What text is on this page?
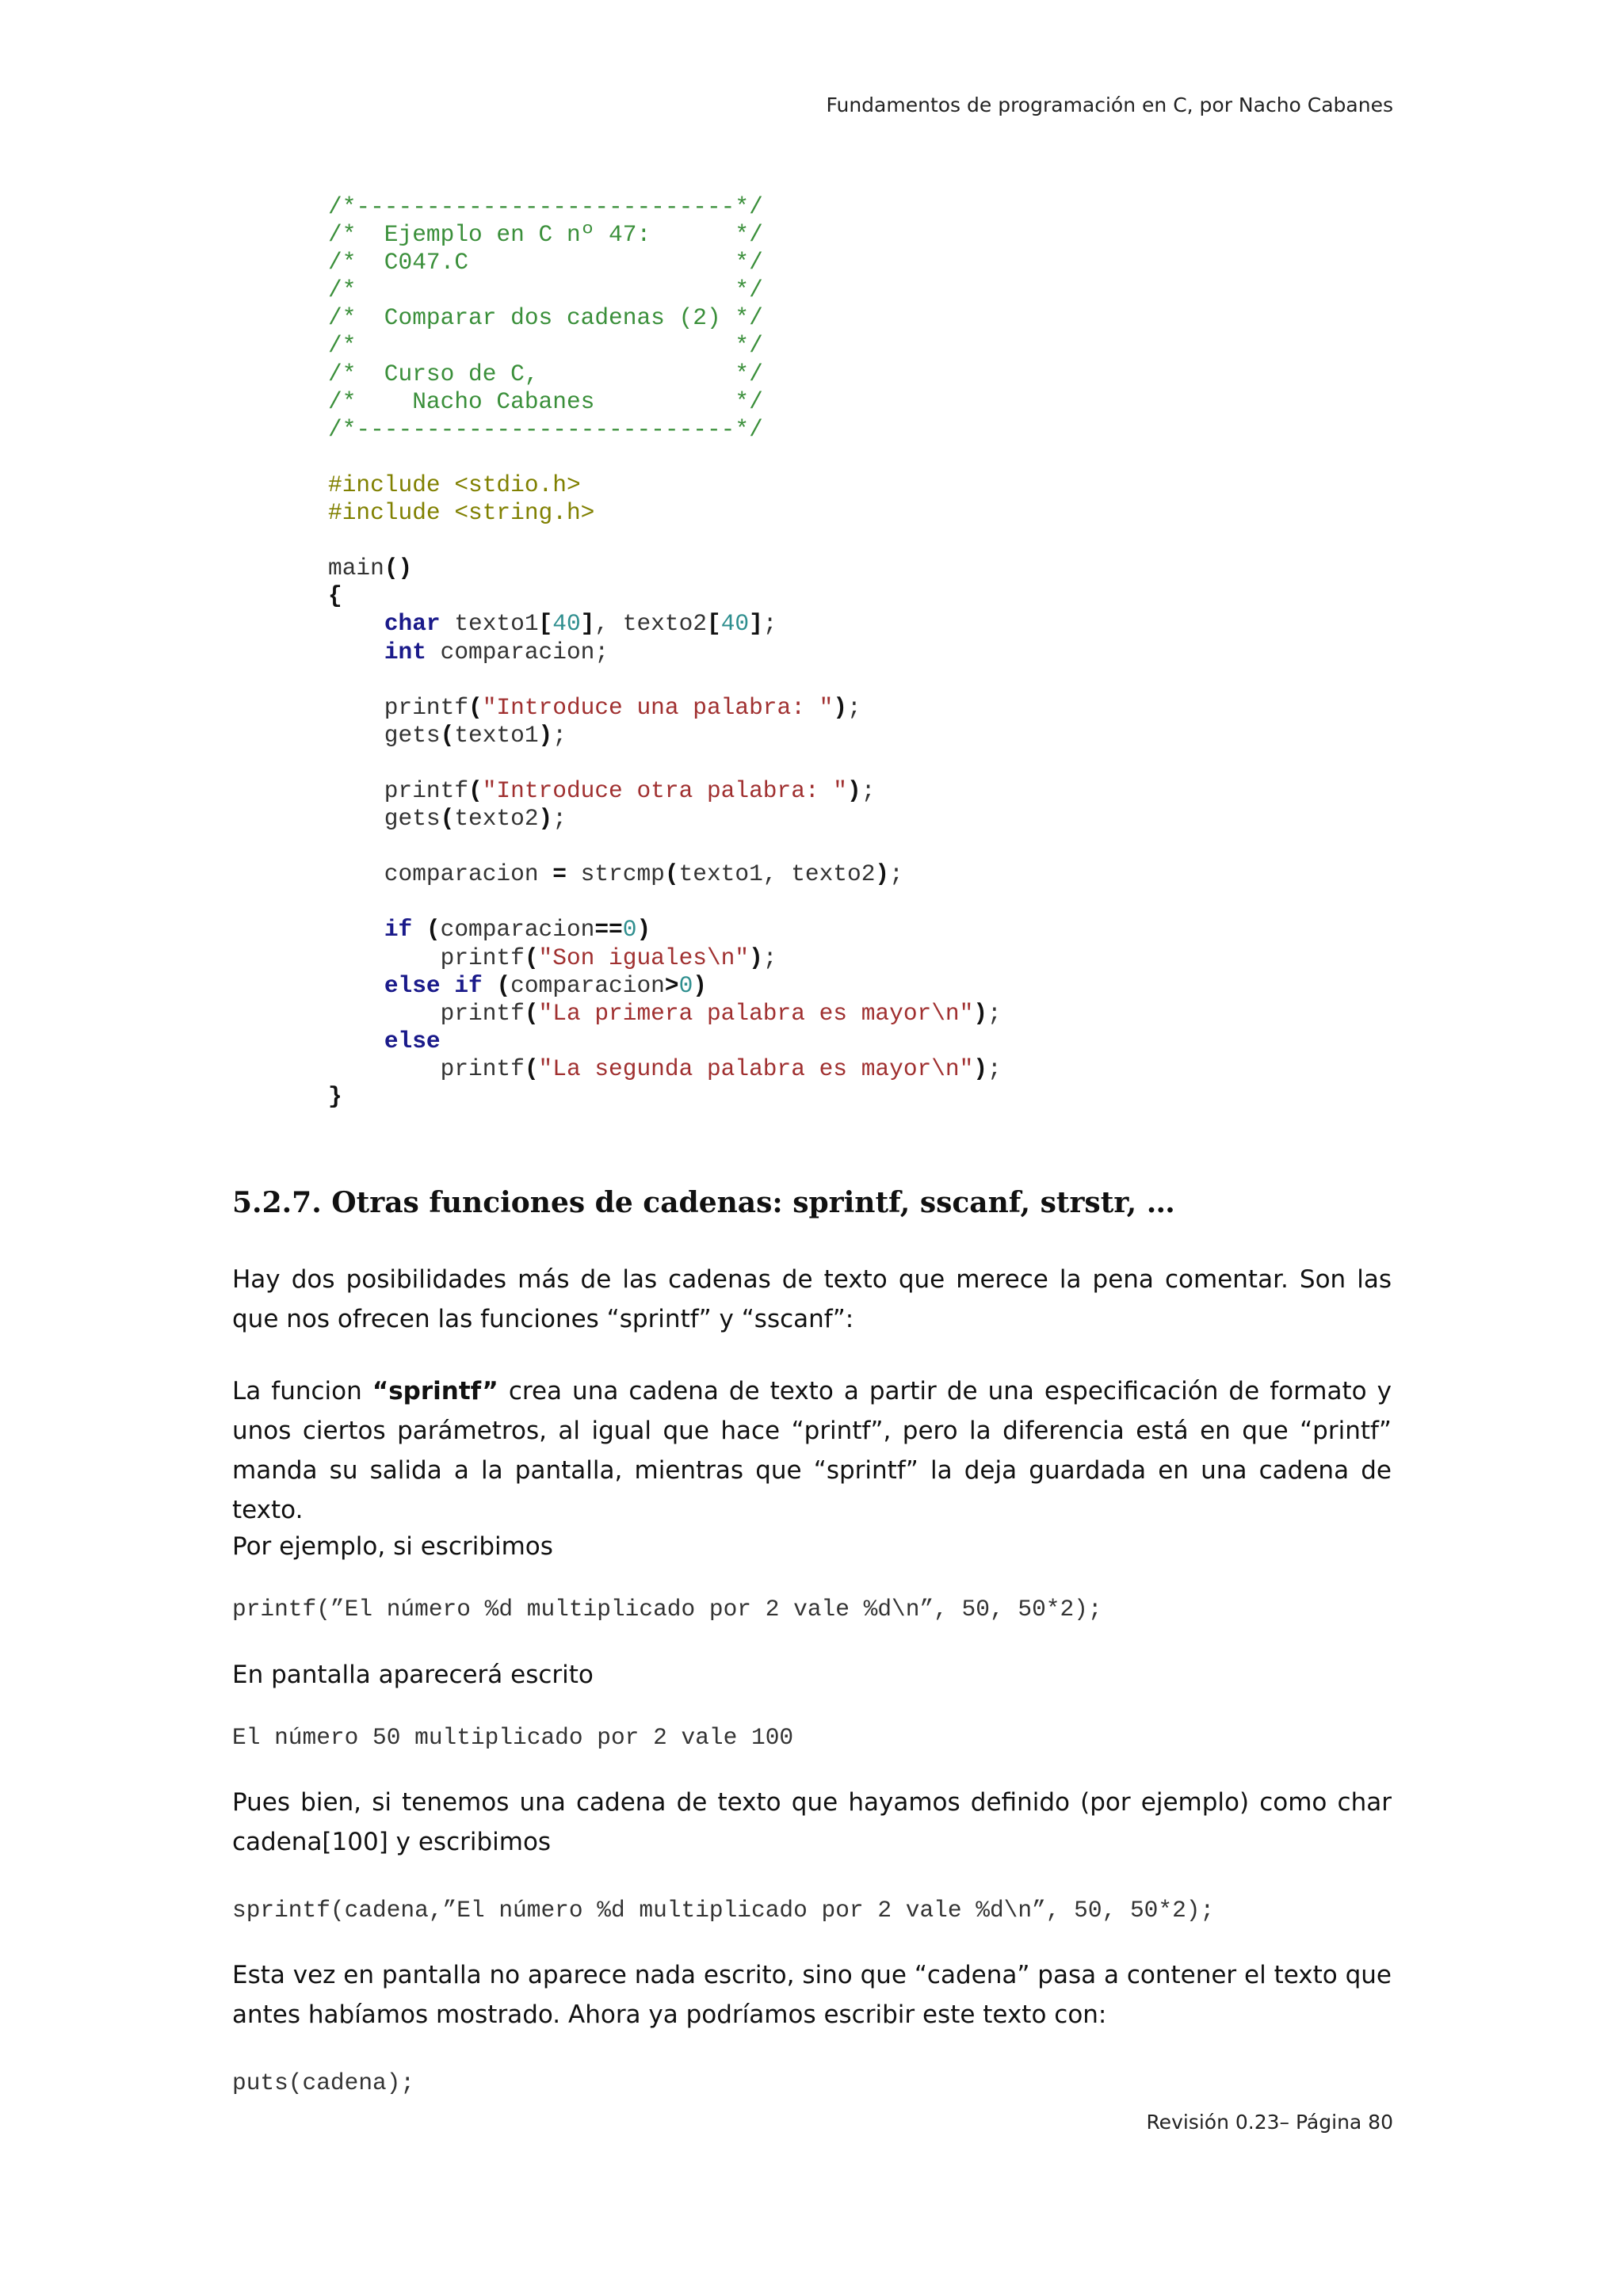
Fundamentos de programación en C, por Nacho Cabanes
/*---------------------------*/
/*  Ejemplo en C nº 47:      */
/*  C047.C                   */
/*                           */
/*  Comparar dos cadenas (2) */
/*                           */
/*  Curso de C,              */
/*    Nacho Cabanes          */
/*---------------------------*/

#include <stdio.h>
#include <string.h>

main()
{
char texto1[40], texto2[40];
int comparacion;

printf("Introduce una palabra: ");
gets(texto1);

printf("Introduce otra palabra: ");
gets(texto2);

comparacion = strcmp(texto1, texto2);

if (comparacion==0)
printf("Son iguales\n");
else if (comparacion>0)
printf("La primera palabra es mayor\n");
else
printf("La segunda palabra es mayor\n");
}
5.2.7. Otras funciones de cadenas: sprintf, sscanf, strstr, …

Hay dos posibilidades más de las cadenas de texto que merece la pena comentar. Son las que nos ofrecen las funciones “sprintf” y “sscanf”:

La funcion “sprintf” crea una cadena de texto a partir de una especificación de formato y unos ciertos parámetros, al igual que hace “printf”, pero la diferencia está en que “printf” manda su salida a la pantalla, mientras que “sprintf” la deja guardada en una cadena de texto.

Por ejemplo, si escribimos

printf(”El número %d multiplicado por 2 vale %d\n”, 50, 50*2);

En pantalla aparecerá escrito

El número 50 multiplicado por 2 vale 100

Pues bien, si tenemos una cadena de texto que hayamos definido (por ejemplo) como char cadena[100] y escribimos

sprintf(cadena,”El número %d multiplicado por 2 vale %d\n”, 50, 50*2);

Esta vez en pantalla no aparece nada escrito, sino que “cadena” pasa a contener el texto que antes habíamos mostrado. Ahora ya podríamos escribir este texto con:

puts(cadena);
Revisión 0.23– Página 80
